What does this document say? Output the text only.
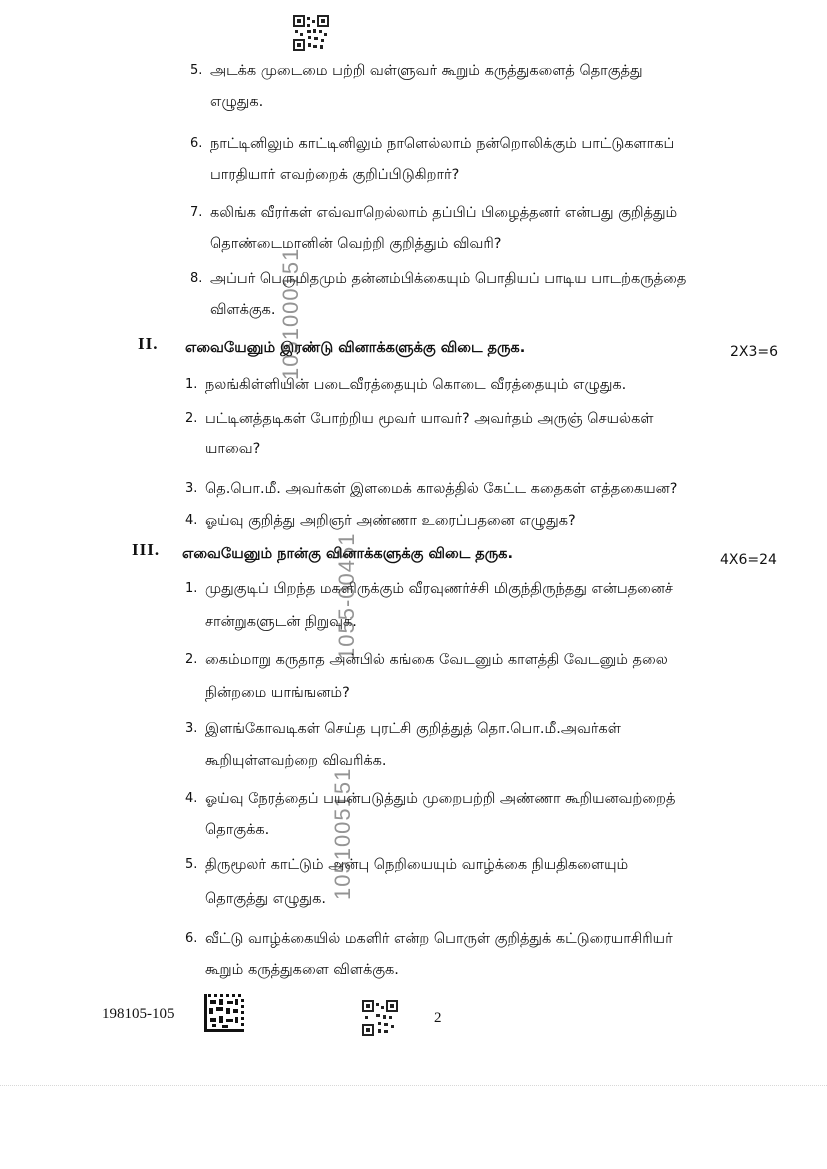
5. அடக்க முடைமை பற்றி வள்ளுவர் கூறும் கருத்துகளைத் தொகுத்து
எழுதுக.
6. நாட்டினிலும் காட்டினிலும் நாளெல்லாம் நன்றொலிக்கும் பாட்டுகளாகப்
பாரதியார் எவற்றைக் குறிப்பிடுகிறார்?
7. கலிங்க வீரர்கள் எவ்வாறெல்லாம் தப்பிப் பிழைத்தனர் என்பது குறித்தும்
தொண்டைமானின் வெற்றி குறித்தும் விவரி?
8. அப்பர் பெருமிதமும் தன்னம்பிக்கையும் பொதியப் பாடிய பாடற்கருத்தை
விளக்குக.
II. எவையேனும் இரண்டு வினாக்களுக்கு விடை தருக.	2X3=6
1. நலங்கிள்ளியின் படைவீரத்தையும் கொடை வீரத்தையும் எழுதுக.
2. பட்டினத்தடிகள் போற்றிய மூவர் யாவர்? அவர்தம் அருஞ் செயல்கள்
யாவை?
3. தெ.பொ.மீ. அவர்கள் இளமைக் காலத்தில் கேட்ட கதைகள் எத்தகையன?
4. ஓய்வு குறித்து அறிஞர் அண்ணா உரைப்பதனை எழுதுக?
III. எவையேனும் நான்கு வினாக்களுக்கு விடை தருக.	4X6=24
1. முதுகுடிப் பிறந்த மகளிருக்கும் வீரவுணர்ச்சி மிகுந்திருந்தது என்பதனைச்
சான்றுகளுடன் நிறுவுக.
2. கைம்மாறு கருதாத அன்பில் கங்கை வேடனும் காளத்தி வேடனும் தலை
நின்றமை யாங்ஙனம்?
3. இளங்கோவடிகள் செய்த புரட்சி குறித்துத் தொ.பொ.மீ.அவர்கள்
கூறியுள்ளவற்றை விவரிக்க.
4. ஓய்வு நேரத்தைப் பயன்படுத்தும் முறைபற்றி அண்ணா கூறியனவற்றைத்
தொகுக்க.
5. திருமூலர் காட்டும் அன்பு நெறியையும் வாழ்க்கை நியதிகளையும்
தொகுத்து எழுதுக.
6. வீட்டு வாழ்க்கையில் மகளிர் என்ற பொருள் குறித்துக் கட்டுரையாசிரியர்
கூறும் கருத்துகளை விளக்குக.
1051000151
1055-00451
1051005151
198105-105	2
